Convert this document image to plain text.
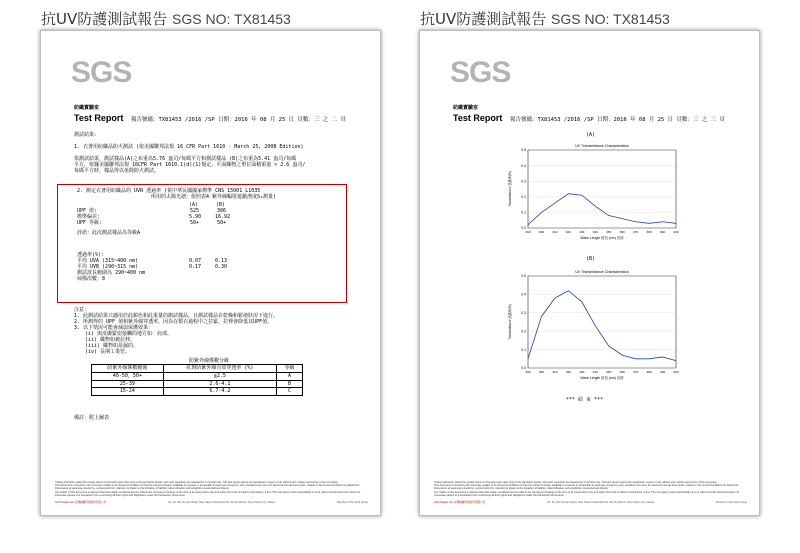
抗UV防護測試報告 SGS NO: TX81453	抗UV防護測試報告 SGS NO: TX81453
SGS
紡織實驗室
Test Report 報告號碼：TX81453 /2016 /SP 日期：2016 年 08 月 25 日 頁數：三 之 二 頁
測試結果：
1. 衣著用紡織品防火測試 (依美國聯邦法規 16 CFR Part 1610 - March 25, 2008 Edition)
依測試結果，測試樣品(A)之布重為5.76 盎司/每碼平方和測試樣品 (B)之布重為5.41 盎司/每碼
平方，依據美國聯邦法規 16CFR Part 1610.1(d)(1)規定，平面織物之單位面積重量 > 2.6 盎司/
每碼平方時，樣品得以免除防火測試。
2. 測定衣著用紡織品的 UVR 透過率 (依中華民國國家標準 CNS 15001 L1035
所用的太陽光譜：依照表4 紫外線輻射遮蔽潛度S₁測量)
(A)	(B)
UPF 值:	525	306
標準偏差:	5.90	16.92
UPF 等級:	50+	50+
評語：此次測試樣品為等級A
透過率(%):
平均 UVA (315~400 nm)	0.07	0.13
平均 UVB (290~315 nm)	0.17	0.30
測試波長範圍為 290~400 nm
掃描次數：8
注意：
1. 此測試結果只適用於此顏色和此重量的測試樣品，且測試樣品在乾燥和鬆弛狀況下進行。
2. 所測得的 UPF 值和紫外線穿透率，因為在製衣過程中之拉緊、拉伸會降低其UPF值。
3. 以下情況可能會減弱保護效果：
(i) 與皮膚緊密接觸的地方如：肩部。
(ii) 織物如被拉伸。
(iii) 織物如是濕的。
(iv) 長期工業管。
防紫外線係數分級
防紫外線係數範圍	紅斑防紫外線有效穿透率 (%)	等級
40-50，50+	≦2.5	A
25-39	2.6-4.1	B
15-24	6.7-4.2	C
備註：附上圖表
Unless otherwise stated the results shown in this test report refer only to the sample(s) tested, and such sample(s) are retained for 6 months only. This test report cannot be reproduced, except in full, without prior written permission of the Company.
This document is issued by the Company subject to its General Conditions of Service printed overleaf, available on request or accessible at www.sgs.com/terms_and_conditions.htm and, for electronic format documents, subject to Terms and Conditions for Electronic Documents at www.sgs.com/terms_e-document.htm. Attention is drawn to the limitation of liability, indemnification and jurisdiction issues defined therein.
Any holder of this document is advised that information contained hereon reflects the Company's findings at the time of its intervention only and within the limits of Client's instructions, if any. The Company's sole responsibility is to its Client and this document does not exonerate parties to a transaction from exercising all their rights and obligations under the transaction documents.
SGS Taiwan Ltd. 台灣檢驗科技股份有限公司	No. 25, Wu Chyuan Road, New Taipei Industrial Park, Wu Ku District, New Taipei City, Taiwan	Member of the SGS Group
SGS
紡織實驗室
Test Report 報告號碼：TX81453 /2016 /SP 日期：2016 年 08 月 25 日 頁數：三 之 三 頁
(A)
UV Transmittance Characteristics
0.5
0.4
0.3
0.2
0.1
0.0
290	300	310	320	330	340	350	360	370	380	390	400
Wave Length 波長 (nm) 長度
Transmittance 透過率(%)
(B)
UV Transmittance Characteristics
0.5
0.4
0.3
0.2
0.1
0.0
290	300	310	320	330	340	350	360	370	380	390	400
Wave Length 波長 (nm) 長度
Transmittance 透過率(%)
*** 結 束 ***
Unless otherwise stated the results shown in this test report refer only to the sample(s) tested, and such sample(s) are retained for 6 months only. This test report cannot be reproduced, except in full, without prior written permission of the Company.
This document is issued by the Company subject to its General Conditions of Service printed overleaf, available on request or accessible at www.sgs.com/terms_and_conditions.htm and, for electronic format documents, subject to Terms and Conditions for Electronic Documents at www.sgs.com/terms_e-document.htm. Attention is drawn to the limitation of liability, indemnification and jurisdiction issues defined therein.
Any holder of this document is advised that information contained hereon reflects the Company's findings at the time of its intervention only and within the limits of Client's instructions, if any. The Company's sole responsibility is to its Client and this document does not exonerate parties to a transaction from exercising all their rights and obligations under the transaction documents.
SGS Taiwan Ltd. 台灣檢驗科技股份有限公司	No. 25, Wu Chyuan Road, New Taipei Industrial Park, Wu Ku District, New Taipei City, Taiwan	Member of the SGS Group
